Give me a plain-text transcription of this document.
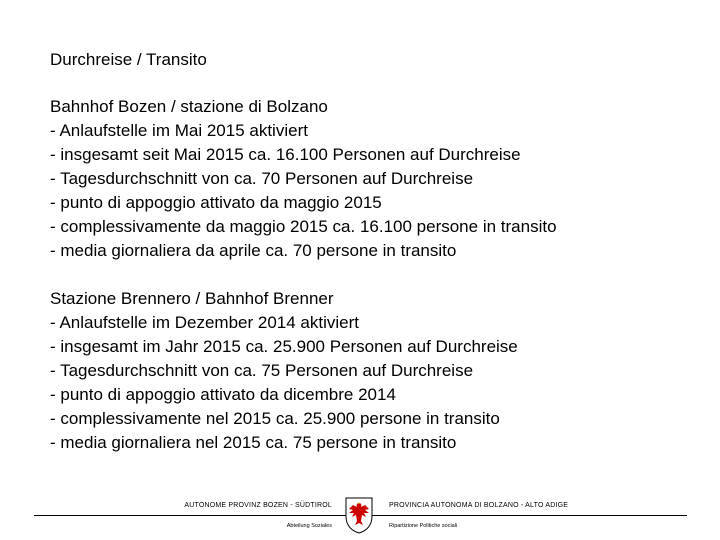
Durchreise / Transito
Bahnhof Bozen / stazione di Bolzano
- Anlaufstelle im Mai 2015 aktiviert
- insgesamt seit Mai 2015 ca. 16.100 Personen auf Durchreise
- Tagesdurchschnitt von ca. 70 Personen auf Durchreise
- punto di appoggio attivato da maggio 2015
- complessivamente da maggio 2015 ca. 16.100 persone in transito
- media giornaliera da aprile ca. 70 persone in transito
Stazione Brennero / Bahnhof Brenner
- Anlaufstelle im Dezember 2014 aktiviert
- insgesamt im Jahr 2015 ca. 25.900 Personen auf Durchreise
- Tagesdurchschnitt von ca. 75 Personen auf Durchreise
- punto di appoggio attivato da dicembre 2014
- complessivamente nel 2015 ca. 25.900 persone in transito
- media giornaliera nel 2015 ca. 75 persone in transito
AUTONOME PROVINZ BOZEN - SÜDTIROL	PROVINCIA AUTONOMA DI BOLZANO - ALTO ADIGE
Abteilung Soziales	Ripartizione Politiche sociali
